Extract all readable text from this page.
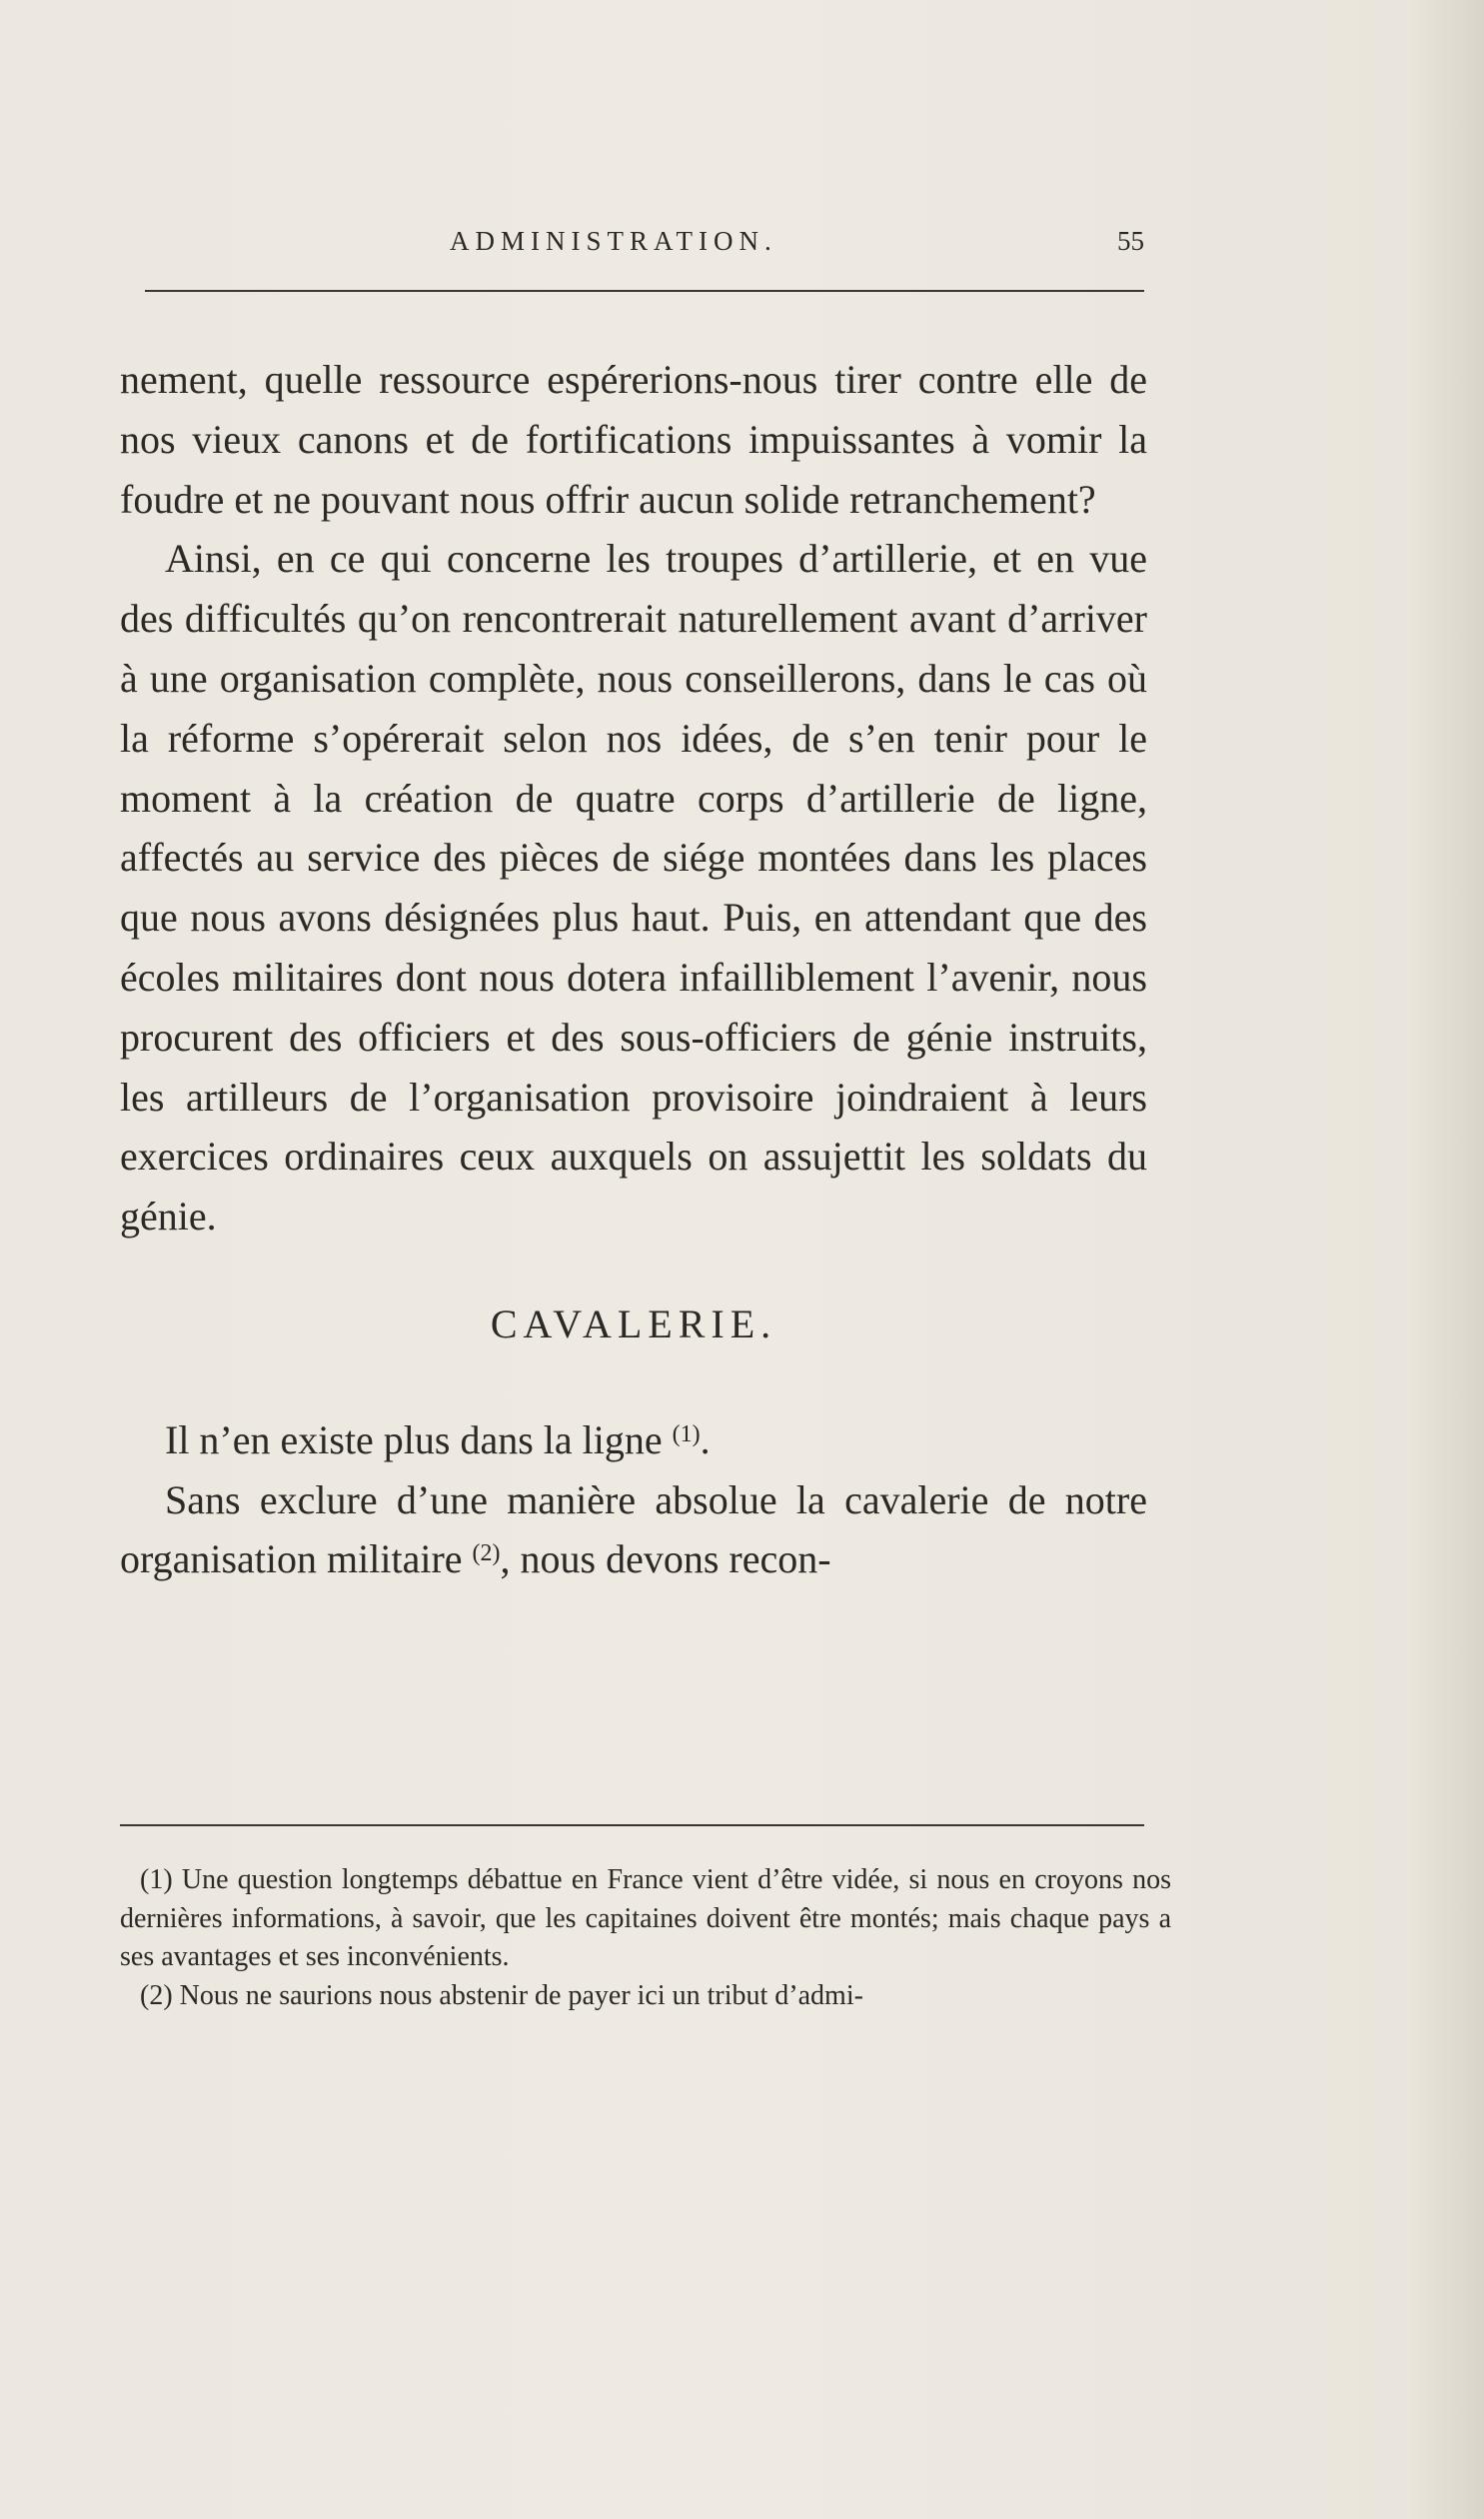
ADMINISTRATION.	55

nement, quelle ressource espérerions-nous tirer contre elle de nos vieux canons et de fortifications impuissantes à vomir la foudre et ne pouvant nous offrir aucun solide retranchement?

Ainsi, en ce qui concerne les troupes d’artillerie, et en vue des difficultés qu’on rencontrerait naturellement avant d’arriver à une organisation complète, nous conseillerons, dans le cas où la réforme s’opérerait selon nos idées, de s’en tenir pour le moment à la création de quatre corps d’artillerie de ligne, affectés au service des pièces de siége montées dans les places que nous avons désignées plus haut. Puis, en attendant que des écoles militaires dont nous dotera infailliblement l’avenir, nous procurent des officiers et des sous-officiers de génie instruits, les artilleurs de l’organisation provisoire joindraient à leurs exercices ordinaires ceux auxquels on assujettit les soldats du génie.

CAVALERIE.

Il n’en existe plus dans la ligne $^{(1)}$.

Sans exclure d’une manière absolue la cavalerie de notre organisation militaire $^{(2)}$, nous devons recon-

(1) Une question longtemps débattue en France vient d’être vidée, si nous en croyons nos dernières informations, à savoir, que les capitaines doivent être montés; mais chaque pays a ses avantages et ses inconvénients.

(2) Nous ne saurions nous abstenir de payer ici un tribut d’admi-
